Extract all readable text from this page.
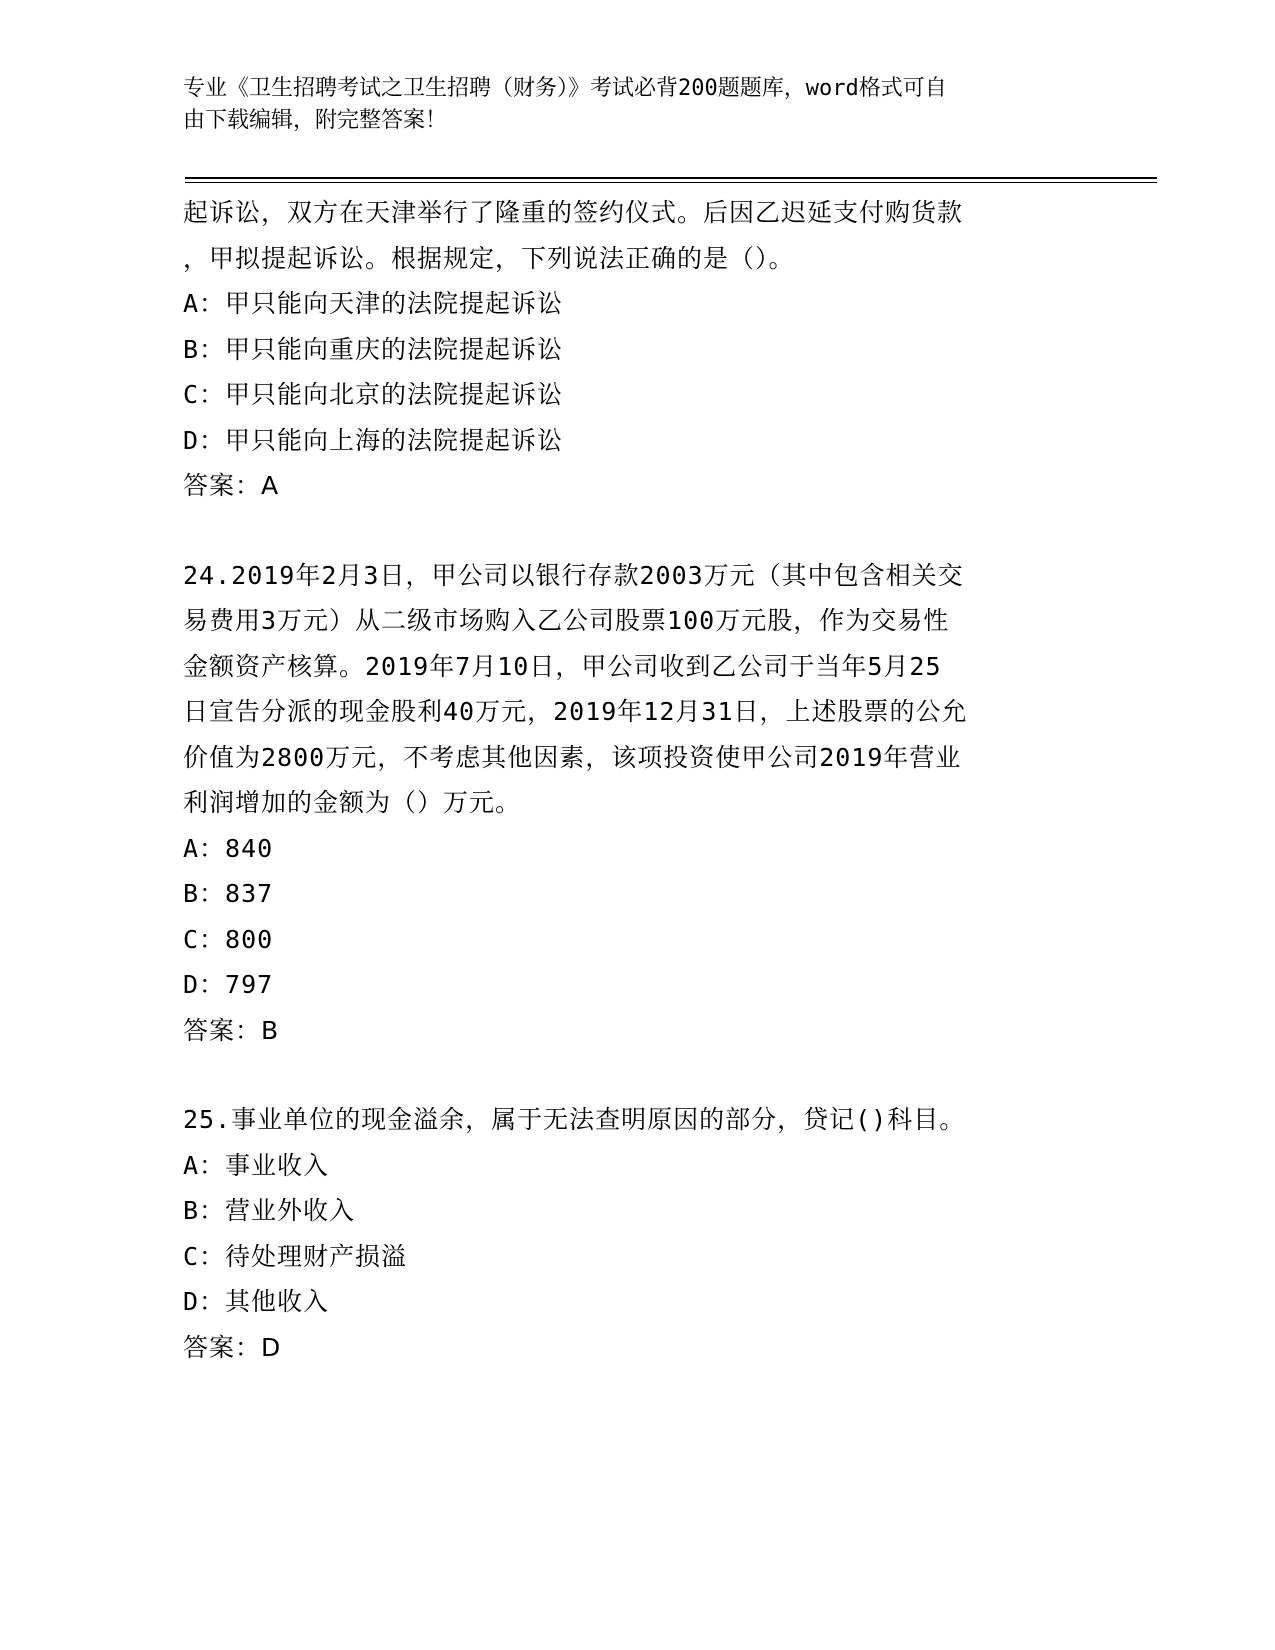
专业《卫生招聘考试之卫生招聘（财务）》考试必背200题题库，word格式可自

由下载编辑，附完整答案！

起诉讼，双方在天津举行了隆重的签约仪式。后因乙迟延支付购货款

，甲拟提起诉讼。根据规定，下列说法正确的是（）。

A：甲只能向天津的法院提起诉讼

B：甲只能向重庆的法院提起诉讼

C：甲只能向北京的法院提起诉讼

D：甲只能向上海的法院提起诉讼

答案：A

24.2019年2月3日，甲公司以银行存款2003万元（其中包含相关交

易费用3万元）从二级市场购入乙公司股票100万元股，作为交易性

金额资产核算。2019年7月10日，甲公司收到乙公司于当年5月25

日宣告分派的现金股利40万元，2019年12月31日，上述股票的公允

价值为2800万元，不考虑其他因素，该项投资使甲公司2019年营业

利润增加的金额为（）万元。

A：840

B：837

C：800

D：797

答案：B

25.事业单位的现金溢余，属于无法查明原因的部分，贷记()科目。

A：事业收入

B：营业外收入

C：待处理财产损溢

D：其他收入

答案：D
